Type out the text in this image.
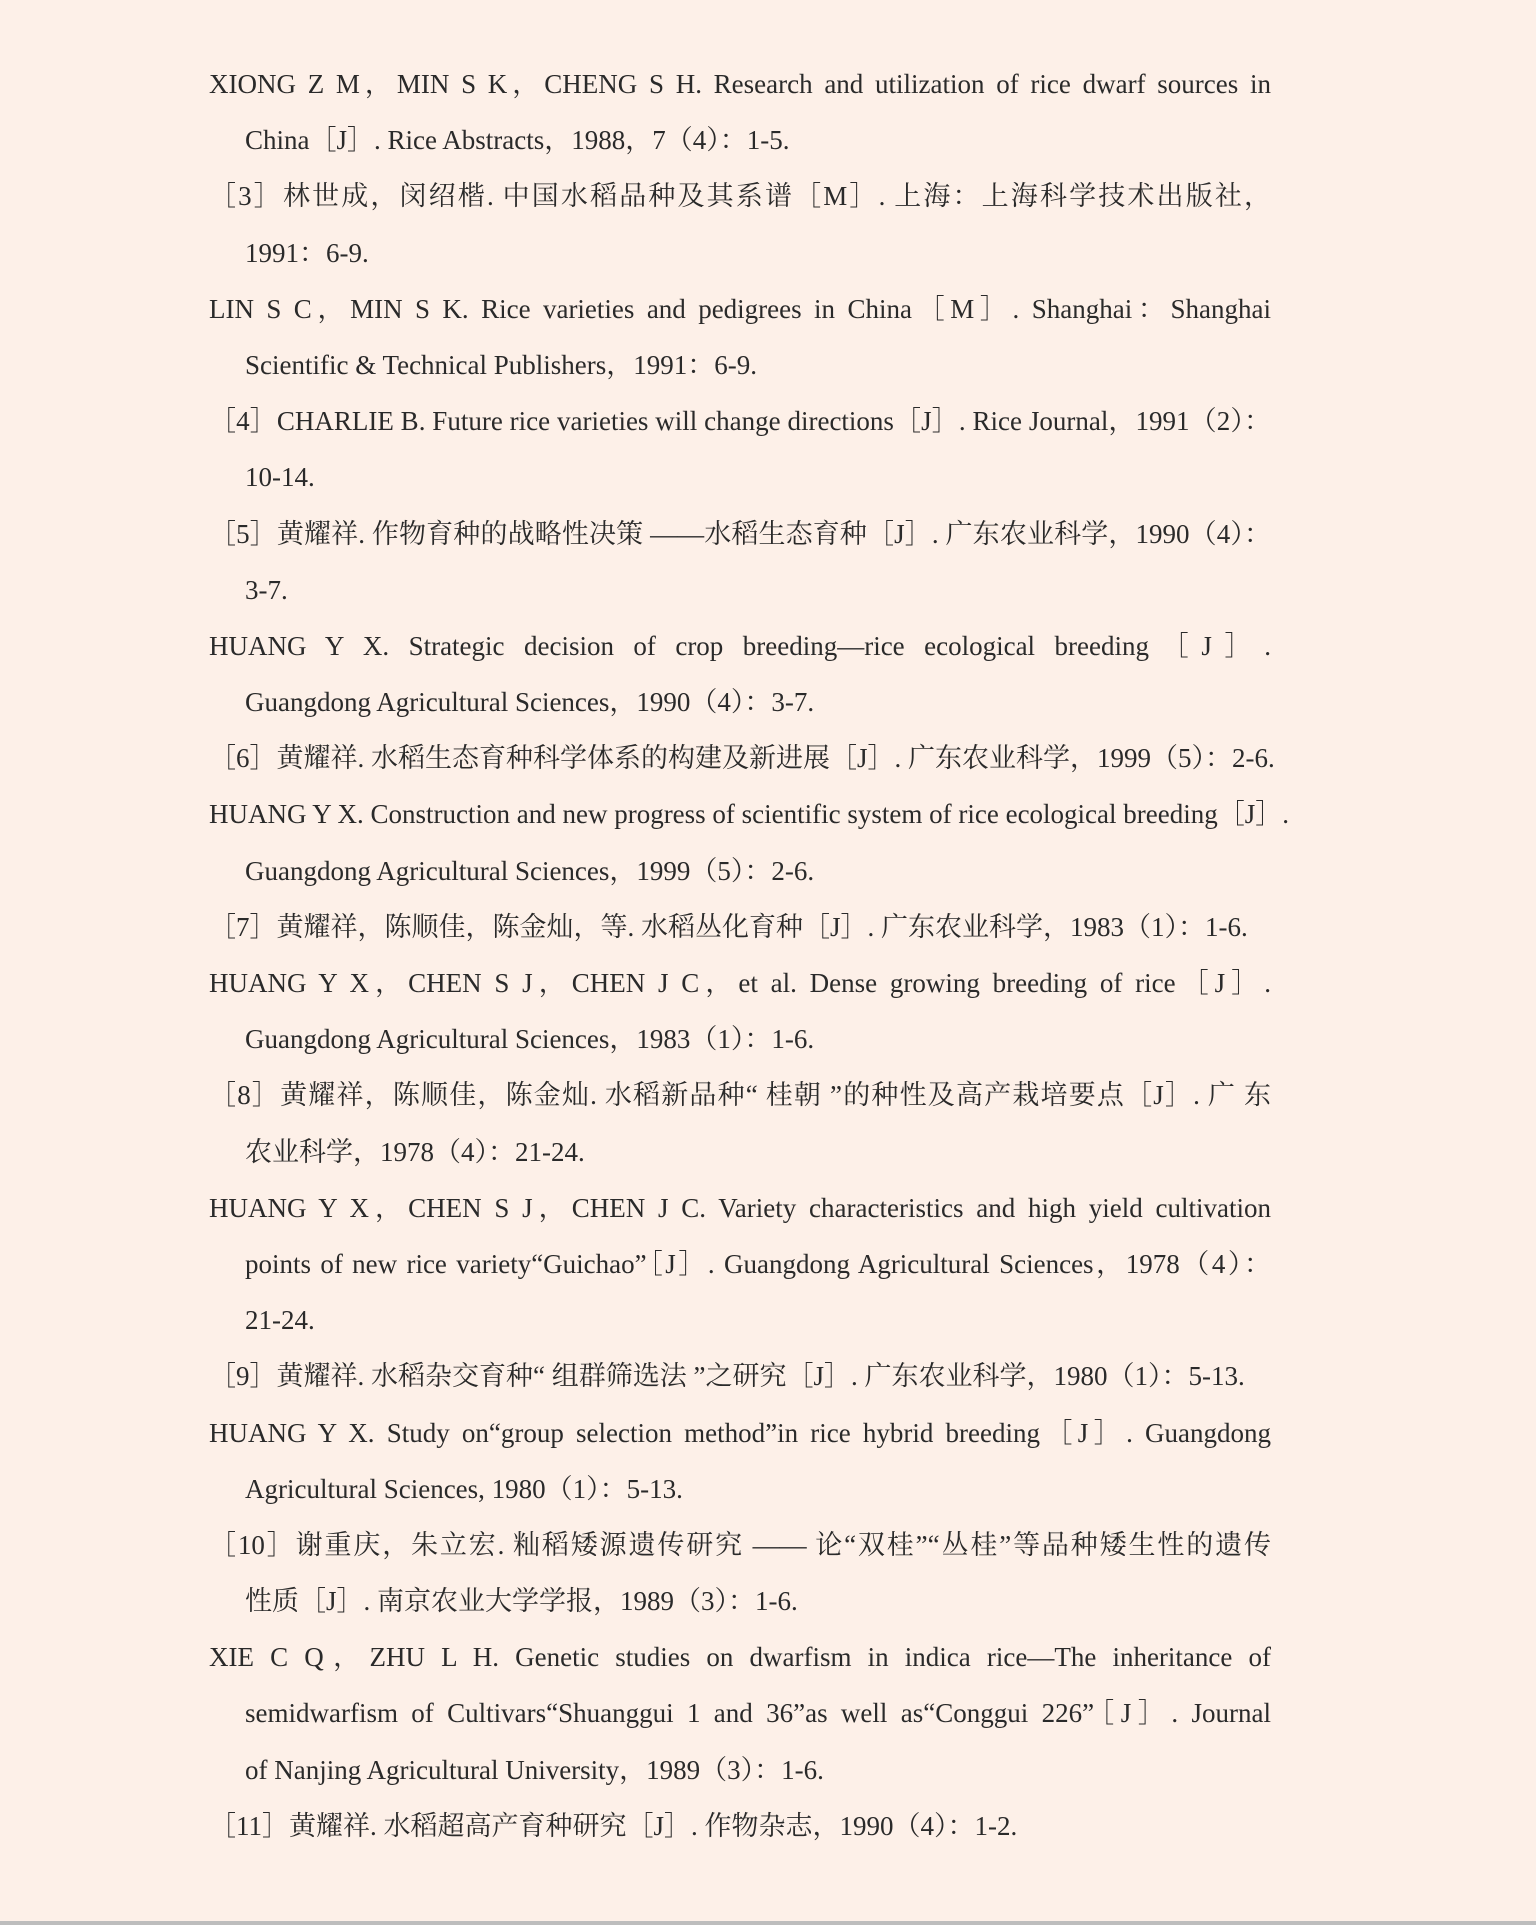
XIONG Z M，MIN S K，CHENG S H. Research and utilization of rice dwarf sources in
China［J］. Rice Abstracts，1988，7（4）：1-5.
［3］林世成，闵绍楷. 中国水稻品种及其系谱［M］. 上海：上海科学技术出版社，
1991：6-9.
LIN S C，MIN S K. Rice varieties and pedigrees in China［M］. Shanghai：Shanghai
Scientific & Technical Publishers，1991：6-9.
［4］CHARLIE B. Future rice varieties will change directions［J］. Rice Journal，1991（2）：
10-14.
［5］黄耀祥. 作物育种的战略性决策 ——水稻生态育种［J］. 广东农业科学，1990（4）：
3-7.
HUANG Y X. Strategic decision of crop breeding—rice ecological breeding［J］.
Guangdong Agricultural Sciences，1990（4）：3-7.
［6］黄耀祥. 水稻生态育种科学体系的构建及新进展［J］. 广东农业科学，1999（5）：2-6.
HUANG Y X. Construction and new progress of scientific system of rice ecological breeding［J］.
Guangdong Agricultural Sciences，1999（5）：2-6.
［7］黄耀祥，陈顺佳，陈金灿，等. 水稻丛化育种［J］. 广东农业科学，1983（1）：1-6.
HUANG Y X，CHEN S J，CHEN J C，et al. Dense growing breeding of rice［J］.
Guangdong Agricultural Sciences，1983（1）：1-6.
［8］黄耀祥，陈顺佳，陈金灿. 水稻新品种“ 桂朝 ”的种性及高产栽培要点［J］. 广 东
农业科学，1978（4）：21-24.
HUANG Y X，CHEN S J，CHEN J C. Variety characteristics and high yield cultivation
points of new rice variety“Guichao”［J］. Guangdong Agricultural Sciences，1978（4）：
21-24.
［9］黄耀祥. 水稻杂交育种“ 组群筛选法 ”之研究［J］. 广东农业科学，1980（1）：5-13.
HUANG Y X. Study on“group selection method”in rice hybrid breeding［J］. Guangdong
Agricultural Sciences, 1980（1）：5-13.
［10］谢重庆，朱立宏. 籼稻矮源遗传研究 —— 论“双桂”“丛桂”等品种矮生性的遗传
性质［J］. 南京农业大学学报，1989（3）：1-6.
XIE C Q，ZHU L H. Genetic studies on dwarfism in indica rice—The inheritance of
semidwarfism of Cultivars“Shuanggui 1 and 36”as well as“Conggui 226”［J］. Journal
of Nanjing Agricultural University，1989（3）：1-6.
［11］黄耀祥. 水稻超高产育种研究［J］. 作物杂志，1990（4）：1-2.
